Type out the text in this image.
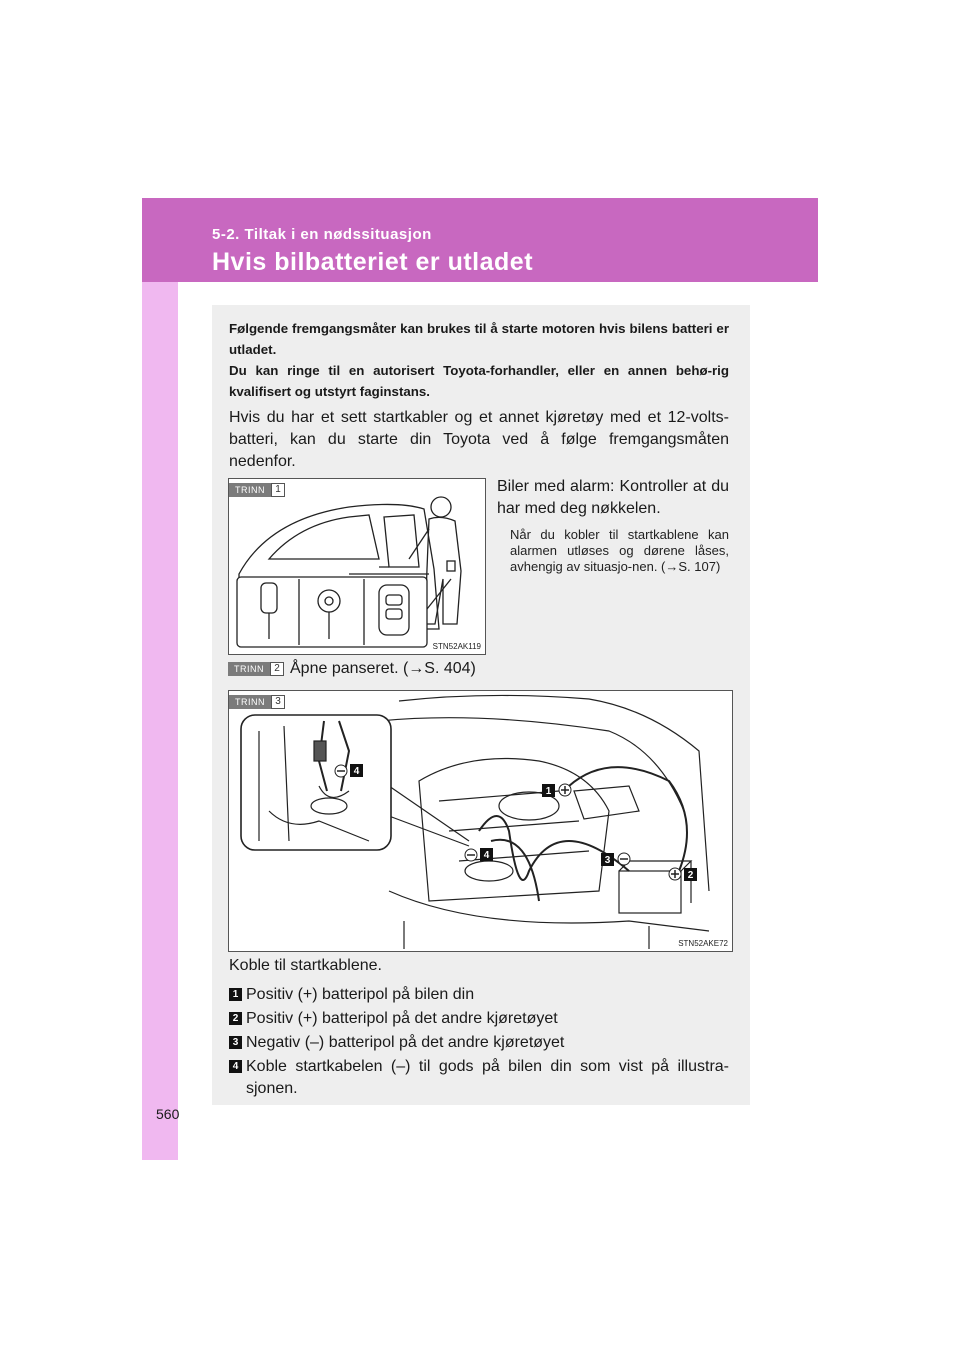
5-2. Tiltak i en nødssituasjon
Hvis bilbatteriet er utladet

Følgende fremgangsmåter kan brukes til å starte motoren hvis bilens batteri er utladet.

Du kan ringe til en autorisert Toyota-forhandler, eller en annen behø-rig kvalifisert og utstyrt faginstans.

Hvis du har et sett startkabler og et annet kjøretøy med et 12-volts-batteri, kan du starte din Toyota ved å følge fremgangsmåten nedenfor.
TRINN	1
STN52AK119
Biler med alarm: Kontroller at du har med deg nøkkelen.
Når du kobler til startkablene kan alarmen utløses og dørene låses, avhengig av situasjo-nen. (→S. 107)
TRINN	2 Åpne panseret. (→S. 404)
TRINN	3
4
4
1
3
2
STN52AKE72
Koble til startkablene.
1 Positiv (+) batteripol på bilen din
2 Positiv (+) batteripol på det andre kjøretøyet
3 Negativ (–) batteripol på det andre kjøretøyet
4 Koble startkabelen (–) til gods på bilen din som vist på illustra-sjonen.
560
